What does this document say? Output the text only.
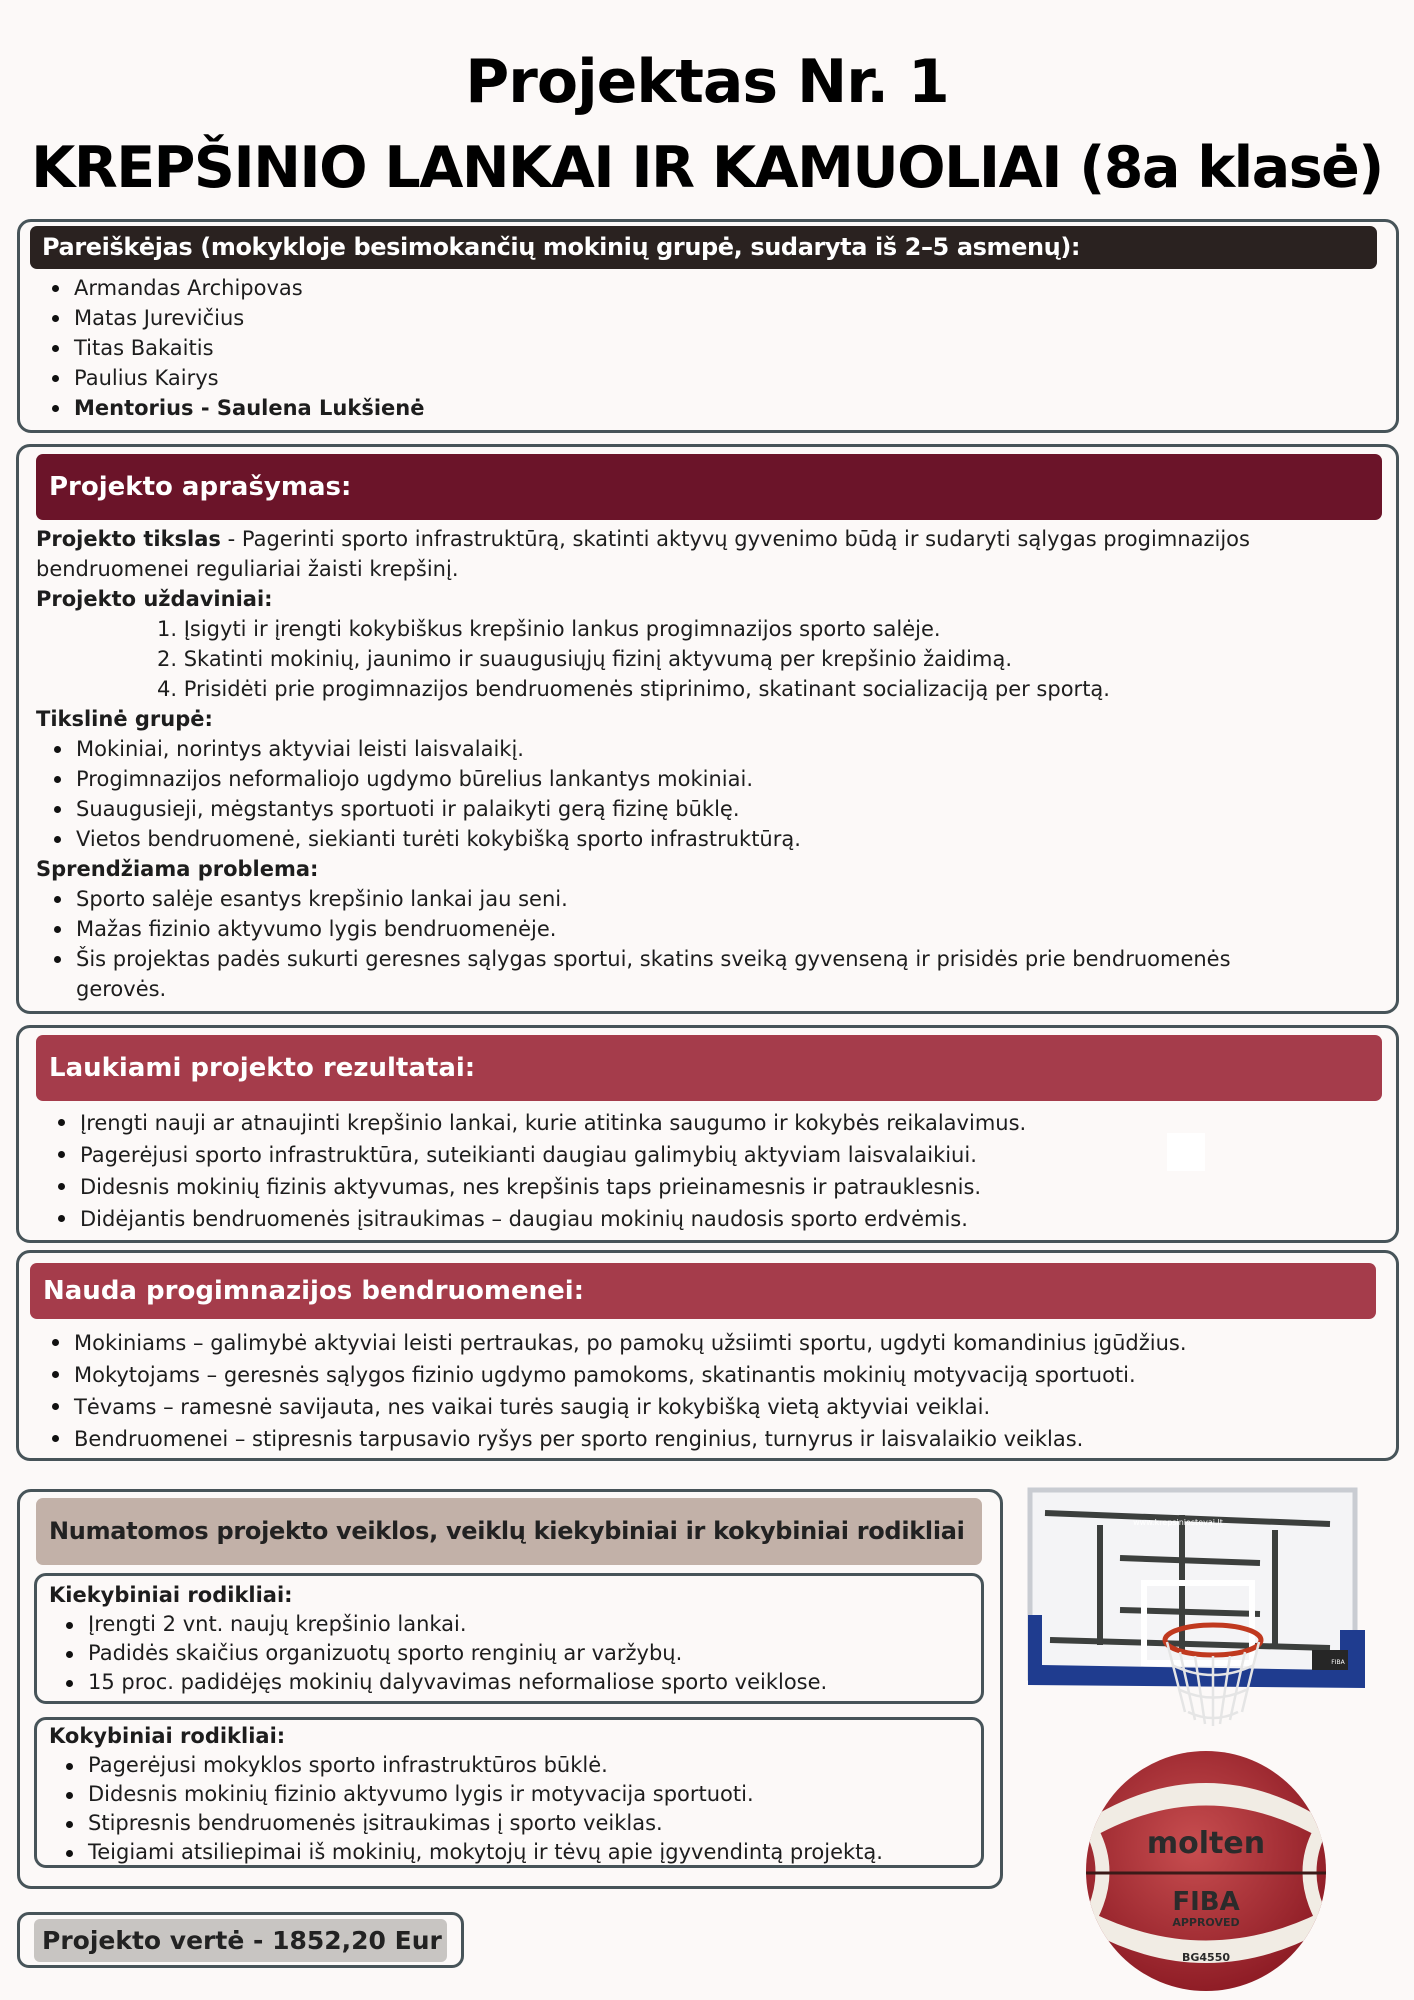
Projektas Nr. 1
KREPŠINIO LANKAI IR KAMUOLIAI (8a klasė)
Pareiškėjas (mokykloje besimokančių mokinių grupė, sudaryta iš 2–5 asmenų):
Armandas Archipovas
Matas Jurevičius
Titas Bakaitis
Paulius Kairys
Mentorius - Saulena Lukšienė
Projekto aprašymas:
Projekto tikslas - Pagerinti sporto infrastruktūrą, skatinti aktyvų gyvenimo būdą ir sudaryti sąlygas progimnazijos bendruomenei reguliariai žaisti krepšinį.
Projekto uždaviniai:
1. Įsigyti ir įrengti kokybiškus krepšinio lankus progimnazijos sporto salėje.
2. Skatinti mokinių, jaunimo ir suaugusiųjų fizinį aktyvumą per krepšinio žaidimą.
4. Prisidėti prie progimnazijos bendruomenės stiprinimo, skatinant socializaciją per sportą.
Tikslinė grupė:
Mokiniai, norintys aktyviai leisti laisvalaikį.
Progimnazijos neformaliojo ugdymo būrelius lankantys mokiniai.
Suaugusieji, mėgstantys sportuoti ir palaikyti gerą fizinę būklę.
Vietos bendruomenė, siekianti turėti kokybišką sporto infrastruktūrą.
Sprendžiama problema:
Sporto salėje esantys krepšinio lankai jau seni.
Mažas fizinio aktyvumo lygis bendruomenėje.
Šis projektas padės sukurti geresnes sąlygas sportui, skatins sveiką gyvenseną ir prisidės prie bendruomenės
gerovės.
Laukiami projekto rezultatai:
Įrengti nauji ar atnaujinti krepšinio lankai, kurie atitinka saugumo ir kokybės reikalavimus.
Pagerėjusi sporto infrastruktūra, suteikianti daugiau galimybių aktyviam laisvalaikiui.
Didesnis mokinių fizinis aktyvumas, nes krepšinis taps prieinamesnis ir patrauklesnis.
Didėjantis bendruomenės įsitraukimas – daugiau mokinių naudosis sporto erdvėmis.
Nauda progimnazijos bendruomenei:
Mokiniams – galimybė aktyviai leisti pertraukas, po pamokų užsiimti sportu, ugdyti komandinius įgūdžius.
Mokytojams – geresnės sąlygos fizinio ugdymo pamokoms, skatinantis mokinių motyvaciją sportuoti.
Tėvams – ramesnė savijauta, nes vaikai turės saugią ir kokybišką vietą aktyviai veiklai.
Bendruomenei – stipresnis tarpusavio ryšys per sporto renginius, turnyrus ir laisvalaikio veiklas.
Numatomos projekto veiklos, veiklų kiekybiniai ir kokybiniai rodikliai
Kiekybiniai rodikliai:
Įrengti 2 vnt. naujų krepšinio lankai.
Padidės skaičius organizuotų sporto renginių ar varžybų.
15 proc. padidėjęs mokinių dalyvavimas neformaliose sporto veiklose.
Kokybiniai rodikliai:
Pagerėjusi mokyklos sporto infrastruktūros būklė.
Didesnis mokinių fizinio aktyvumo lygis ir motyvacija sportuoti.
Stipresnis bendruomenės įsitraukimas į sporto veiklas.
Teigiami atsiliepimai iš mokinių, mokytojų ir tėvų apie įgyvendintą projektą.
Projekto vertė - 1852,20 Eur
www.krepsiniostovai.lt
FIBA
molten
FIBA
APPROVED
BG4550
